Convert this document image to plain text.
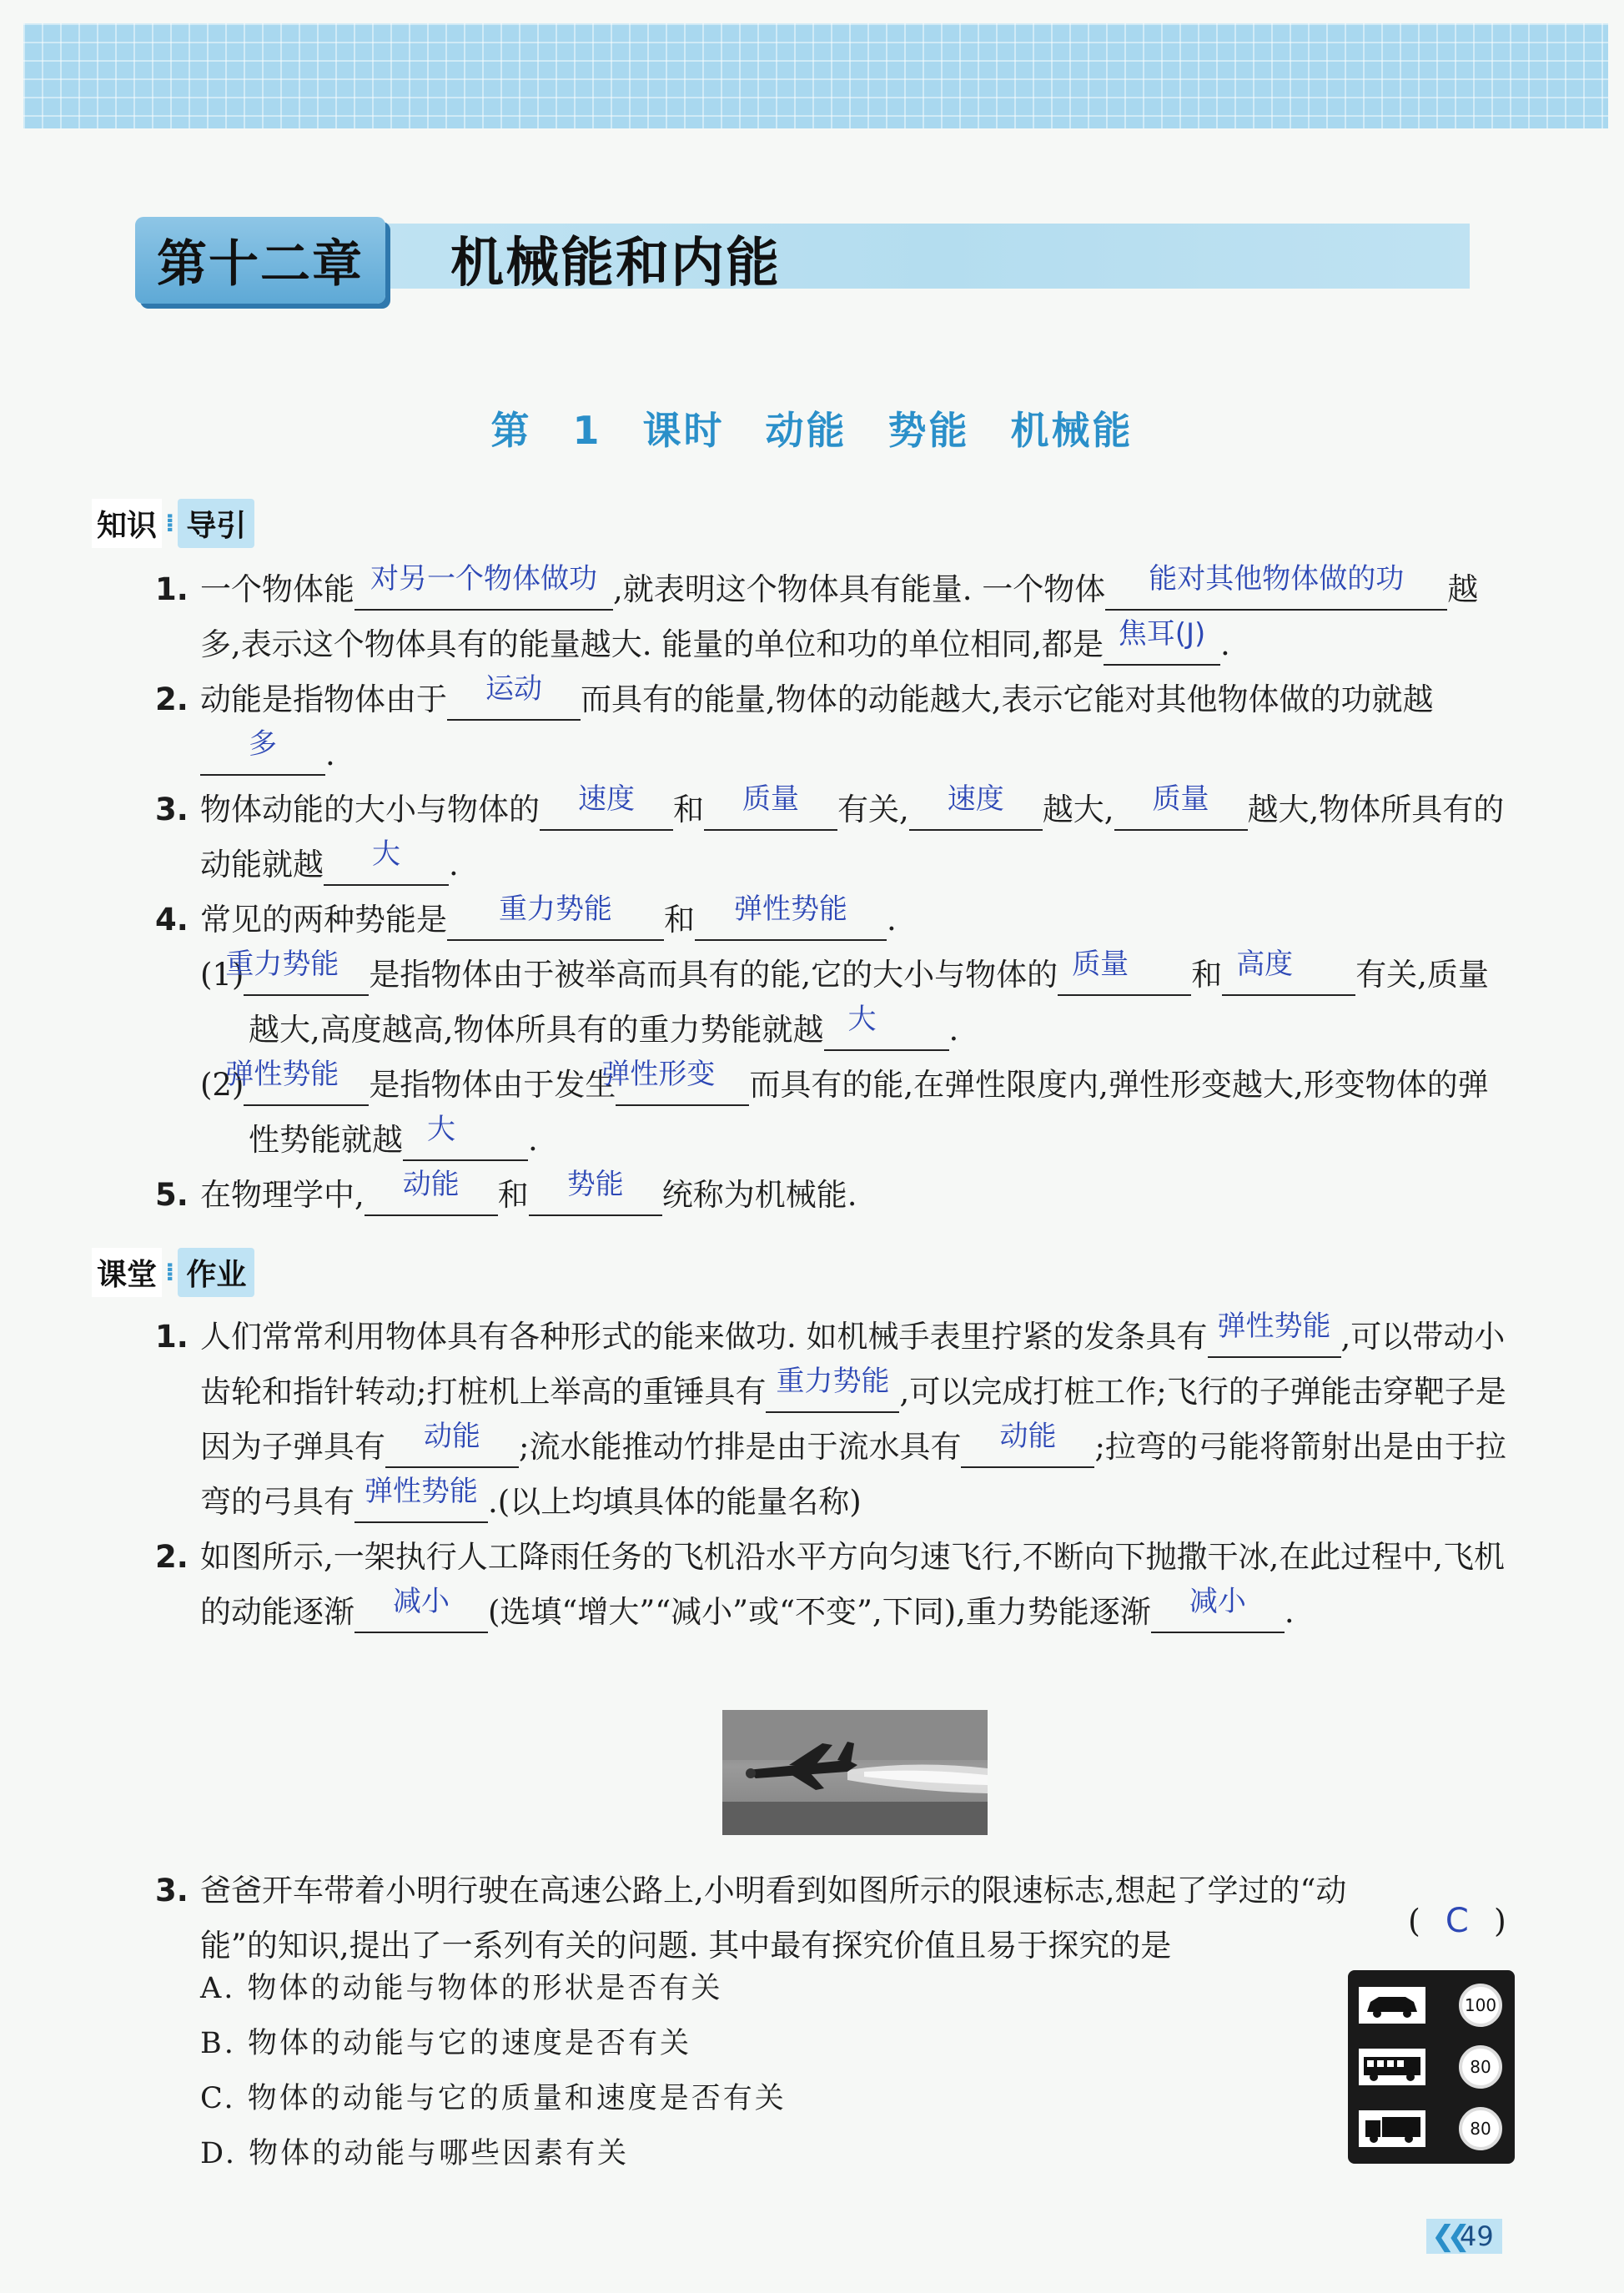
第十二章	机械能和内能
第 1 课时　动能　势能　机械能
知识 ⁞ 导引
1. 一个物体能 对另一个物体做功 ,就表明这个物体具有能量. 一个物体 能对其他物体做的功 越多,表示这个物体具有的能量越大. 能量的单位和功的单位相同,都是 焦耳(J) .
2. 动能是指物体由于 运动 而具有的能量,物体的动能越大,表示它能对其他物体做的功就越多 .
3. 物体动能的大小与物体的 速度 和 质量 有关, 速度 越大, 质量 越大,物体所具有的动能就越 大 .
4. 常见的两种势能是 重力势能 和 弹性势能 .
(1)重力势能 是指物体由于被举高而具有的能,它的大小与物体的 质量 和 高度 有关,质量越大,高度越高,物体所具有的重力势能就越 大 .
(2)弹性势能 是指物体由于发生弹性形变 而具有的能,在弹性限度内,弹性形变越大,形变物体的弹性势能就越 大 .
5. 在物理学中, 动能 和 势能 统称为机械能.
课堂 ⁞ 作业
1. 人们常常利用物体具有各种形式的能来做功. 如机械手表里拧紧的发条具有 弹性势能 ,可以带动小齿轮和指针转动;打桩机上举高的重锤具有 重力势能 ,可以完成打桩工作;飞行的子弹能击穿靶子是因为子弹具有 动能 ;流水能推动竹排是由于流水具有 动能 ;拉弯的弓能将箭射出是由于拉弯的弓具有 弹性势能 .(以上均填具体的能量名称)
2. 如图所示,一架执行人工降雨任务的飞机沿水平方向匀速飞行,不断向下抛撒干冰,在此过程中,飞机的动能逐渐 减小 (选填“增大”“减小”或“不变”,下同),重力势能逐渐 减小 .
3. 爸爸开车带着小明行驶在高速公路上,小明看到如图所示的限速标志,想起了学过的“动能”的知识,提出了一系列有关的问题. 其中最有探究价值且易于探究的是
( C )
A. 物体的动能与物体的形状是否有关
B. 物体的动能与它的速度是否有关
C. 物体的动能与它的质量和速度是否有关
D. 物体的动能与哪些因素有关
100
80
80
❮❮
49
